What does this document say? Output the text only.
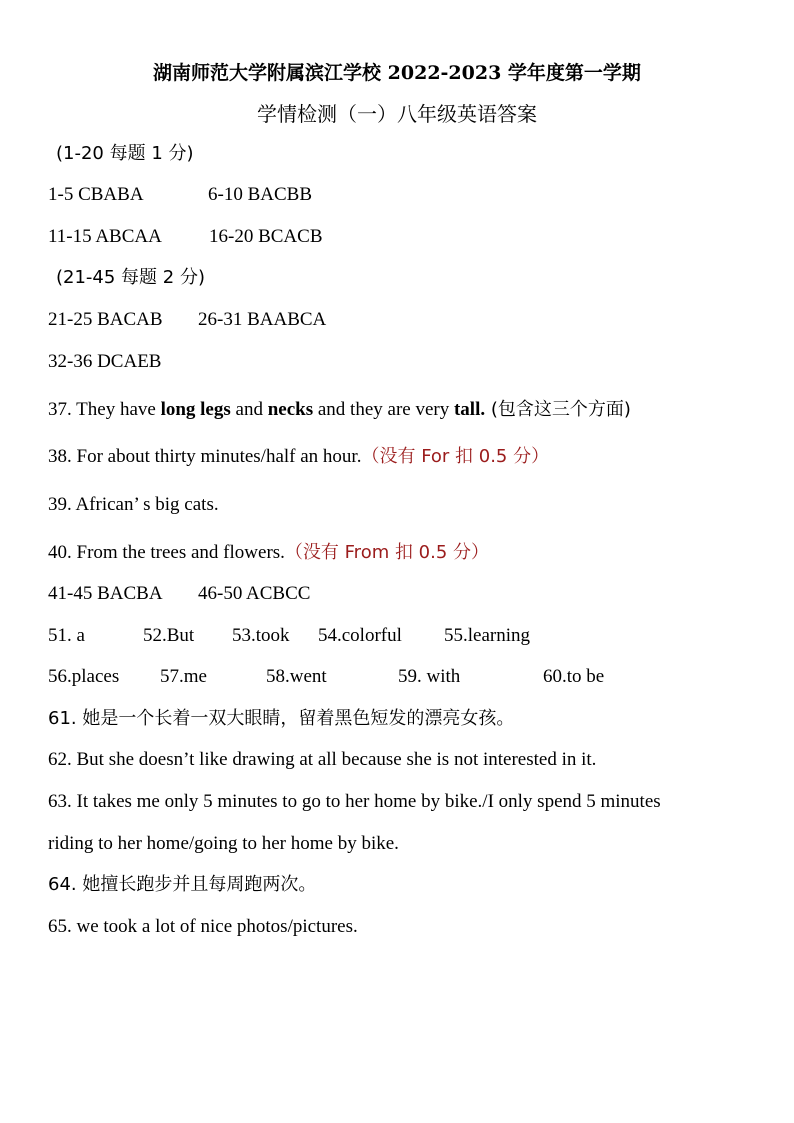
湖南师范大学附属滨江学校 2022-2023 学年度第一学期
学情检测（一）八年级英语答案
(1-20 每题 1 分)
1-5 CBABA	6-10 BACBB
11-15 ABCAA 16-20 BCACB
(21-45 每题 2 分)
21-25 BACAB 26-31 BAABCA
32-36 DCAEB
37. They have long legs and necks and they are very tall. (包含这三个方面)
38. For about thirty minutes/half an hour.（没有 For 扣 0.5 分）
39. African’ s big cats.
40. From the trees and flowers.（没有 From 扣 0.5 分）
41-45 BACBA 46-50 ACBCC
51. a	52.But 53.took 54.colorful 55.learning
56.places 57.me	58.went	59. with	60.to be
61. 她是一个长着一双大眼睛，留着黑色短发的漂亮女孩。
62. But she doesn’t like drawing at all because she is not interested in it.
63. It takes me only 5 minutes to go to her home by bike./I only spend 5 minutes
riding to her home/going to her home by bike.
64. 她擅长跑步并且每周跑两次。
65. we took a lot of nice photos/pictures.
